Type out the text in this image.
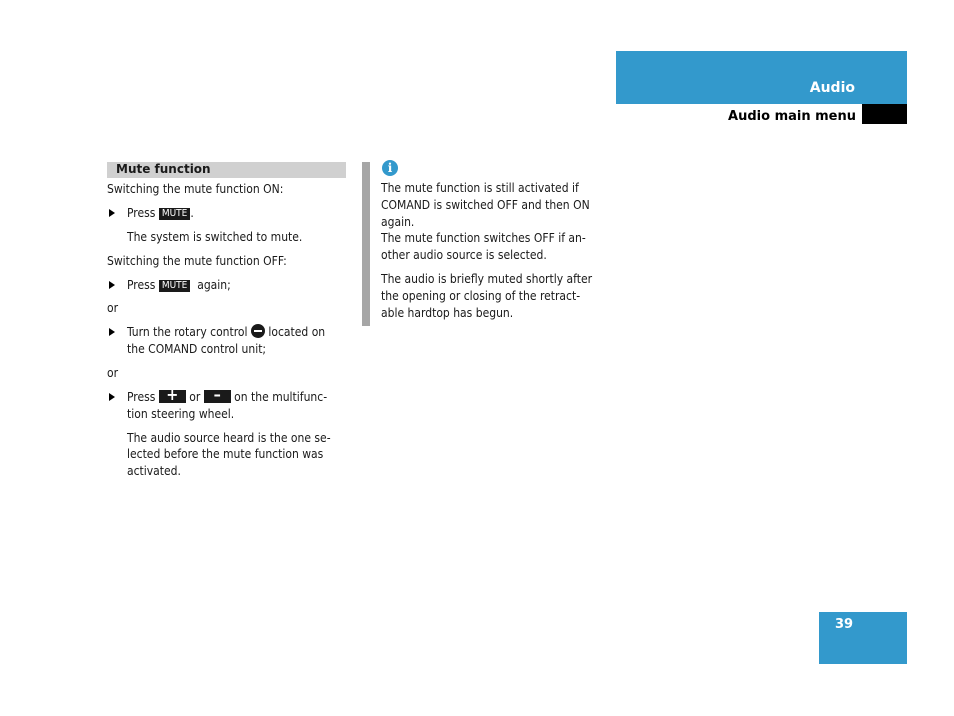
Audio
Audio main menu
Mute function
Switching the mute function ON:
Press MUTE .
The system is switched to mute.
Switching the mute function OFF:
Press MUTE again;
or
Turn the rotary control located on
the COMAND control unit;
or
Press + or –	on the multifunc-
tion steering wheel.
The audio source heard is the one se-
lected before the mute function was
activated.
i
The mute function is still activated if
COMAND is switched OFF and then ON
again.
The mute function switches OFF if an-
other audio source is selected.
The audio is briefly muted shortly after
the opening or closing of the retract-
able hardtop has begun.
39
